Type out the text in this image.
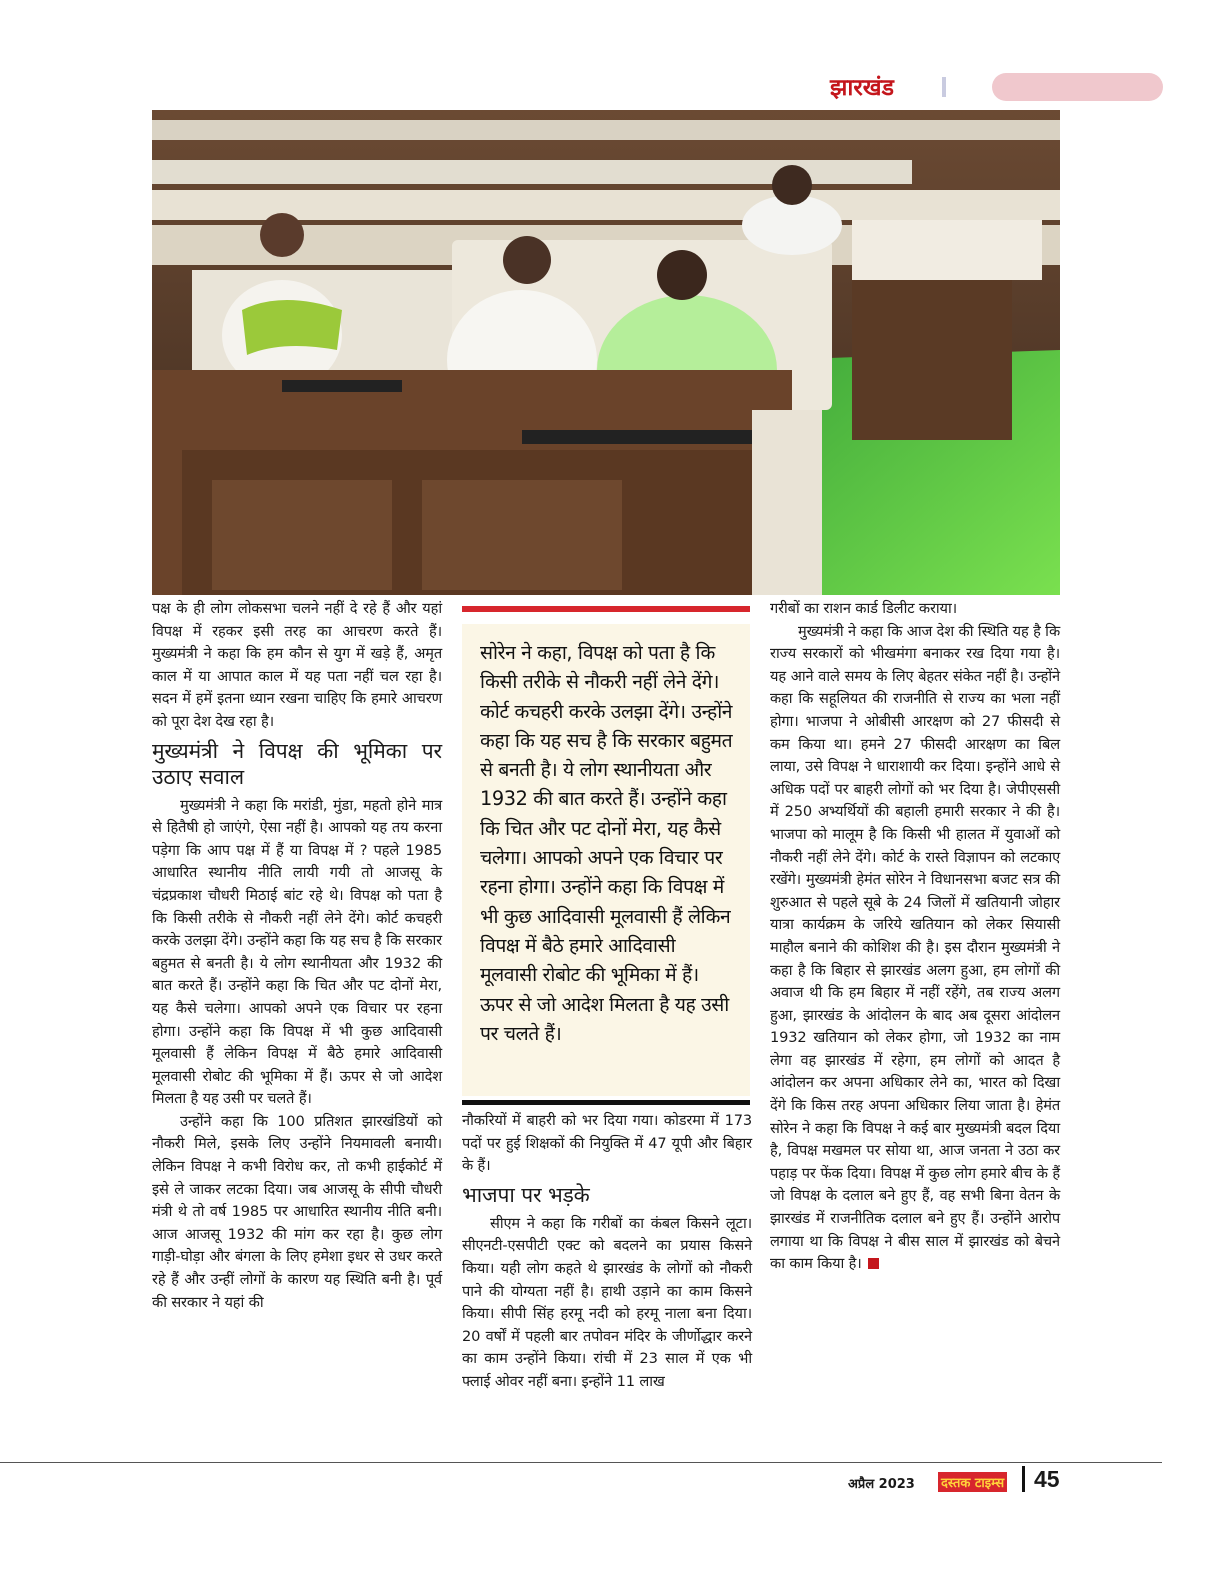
झारखंड

पक्ष के ही लोग लोकसभा चलने नहीं दे रहे हैं और यहां विपक्ष में रहकर इसी तरह का आचरण करते हैं। मुख्यमंत्री ने कहा कि हम कौन से युग में खड़े हैं, अमृत काल में या आपात काल में यह पता नहीं चल रहा है। सदन में हमें इतना ध्यान रखना चाहिए कि हमारे आचरण को पूरा देश देख रहा है।

मुख्यमंत्री ने विपक्ष की भूमिका पर उठाए सवाल

मुख्यमंत्री ने कहा कि मरांडी, मुंडा, महतो होने मात्र से हितैषी हो जाएंगे, ऐसा नहीं है। आपको यह तय करना पड़ेगा कि आप पक्ष में हैं या विपक्ष में ? पहले 1985 आधारित स्थानीय नीति लायी गयी तो आजसू के चंद्रप्रकाश चौधरी मिठाई बांट रहे थे। विपक्ष को पता है कि किसी तरीके से नौकरी नहीं लेने देंगे। कोर्ट कचहरी करके उलझा देंगे। उन्होंने कहा कि यह सच है कि सरकार बहुमत से बनती है। ये लोग स्थानीयता और 1932 की बात करते हैं। उन्होंने कहा कि चित और पट दोनों मेरा, यह कैसे चलेगा। आपको अपने एक विचार पर रहना होगा। उन्होंने कहा कि विपक्ष में भी कुछ आदिवासी मूलवासी हैं लेकिन विपक्ष में बैठे हमारे आदिवासी मूलवासी रोबोट की भूमिका में हैं। ऊपर से जो आदेश मिलता है यह उसी पर चलते हैं।

उन्होंने कहा कि 100 प्रतिशत झारखंडियों को नौकरी मिले, इसके लिए उन्होंने नियमावली बनायी। लेकिन विपक्ष ने कभी विरोध कर, तो कभी हाईकोर्ट में इसे ले जाकर लटका दिया। जब आजसू के सीपी चौधरी मंत्री थे तो वर्ष 1985 पर आधारित स्थानीय नीति बनी। आज आजसू 1932 की मांग कर रहा है। कुछ लोग गाड़ी-घोड़ा और बंगला के लिए हमेशा इधर से उधर करते रहे हैं और उन्हीं लोगों के कारण यह स्थिति बनी है। पूर्व की सरकार ने यहां की

सोरेन ने कहा, विपक्ष को पता है कि किसी तरीके से नौकरी नहीं लेने देंगे। कोर्ट कचहरी करके उलझा देंगे। उन्होंने कहा कि यह सच है कि सरकार बहुमत से बनती है। ये लोग स्थानीयता और 1932 की बात करते हैं। उन्होंने कहा कि चित और पट दोनों मेरा, यह कैसे चलेगा। आपको अपने एक विचार पर रहना होगा। उन्होंने कहा कि विपक्ष में भी कुछ आदिवासी मूलवासी हैं लेकिन विपक्ष में बैठे हमारे आदिवासी मूलवासी रोबोट की भूमिका में हैं। ऊपर से जो आदेश मिलता है यह उसी पर चलते हैं।

नौकरियों में बाहरी को भर दिया गया। कोडरमा में 173 पदों पर हुई शिक्षकों की नियुक्ति में 47 यूपी और बिहार के हैं।

भाजपा पर भड़के

सीएम ने कहा कि गरीबों का कंबल किसने लूटा। सीएनटी-एसपीटी एक्ट को बदलने का प्रयास किसने किया। यही लोग कहते थे झारखंड के लोगों को नौकरी पाने की योग्यता नहीं है। हाथी उड़ाने का काम किसने किया। सीपी सिंह हरमू नदी को हरमू नाला बना दिया। 20 वर्षों में पहली बार तपोवन मंदिर के जीर्णोद्धार करने का काम उन्होंने किया। रांची में 23 साल में एक भी फ्लाई ओवर नहीं बना। इन्होंने 11 लाख

गरीबों का राशन कार्ड डिलीट कराया।

मुख्यमंत्री ने कहा कि आज देश की स्थिति यह है कि राज्य सरकारों को भीखमंगा बनाकर रख दिया गया है। यह आने वाले समय के लिए बेहतर संकेत नहीं है। उन्होंने कहा कि सहूलियत की राजनीति से राज्य का भला नहीं होगा। भाजपा ने ओबीसी आरक्षण को 27 फीसदी से कम किया था। हमने 27 फीसदी आरक्षण का बिल लाया, उसे विपक्ष ने धाराशायी कर दिया। इन्होंने आधे से अधिक पदों पर बाहरी लोगों को भर दिया है। जेपीएससी में 250 अभ्यर्थियों की बहाली हमारी सरकार ने की है। भाजपा को मालूम है कि किसी भी हालत में युवाओं को नौकरी नहीं लेने देंगे। कोर्ट के रास्ते विज्ञापन को लटकाए रखेंगे। मुख्यमंत्री हेमंत सोरेन ने विधानसभा बजट सत्र की शुरुआत से पहले सूबे के 24 जिलों में खतियानी जोहार यात्रा कार्यक्रम के जरिये खतियान को लेकर सियासी माहौल बनाने की कोशिश की है। इस दौरान मुख्यमंत्री ने कहा है कि बिहार से झारखंड अलग हुआ, हम लोगों की अवाज थी कि हम बिहार में नहीं रहेंगे, तब राज्य अलग हुआ, झारखंड के आंदोलन के बाद अब दूसरा आंदोलन 1932 खतियान को लेकर होगा, जो 1932 का नाम लेगा वह झारखंड में रहेगा, हम लोगों को आदत है आंदोलन कर अपना अधिकार लेने का, भारत को दिखा देंगे कि किस तरह अपना अधिकार लिया जाता है। हेमंत सोरेन ने कहा कि विपक्ष ने कई बार मुख्यमंत्री बदल दिया है, विपक्ष मखमल पर सोया था, आज जनता ने उठा कर पहाड़ पर फेंक दिया। विपक्ष में कुछ लोग हमारे बीच के हैं जो विपक्ष के दलाल बने हुए हैं, वह सभी बिना वेतन के झारखंड में राजनीतिक दलाल बने हुए हैं। उन्होंने आरोप लगाया था कि विपक्ष ने बीस साल में झारखंड को बेचने का काम किया है।

अप्रैल 2023 दस्तक टाइम्स 45
